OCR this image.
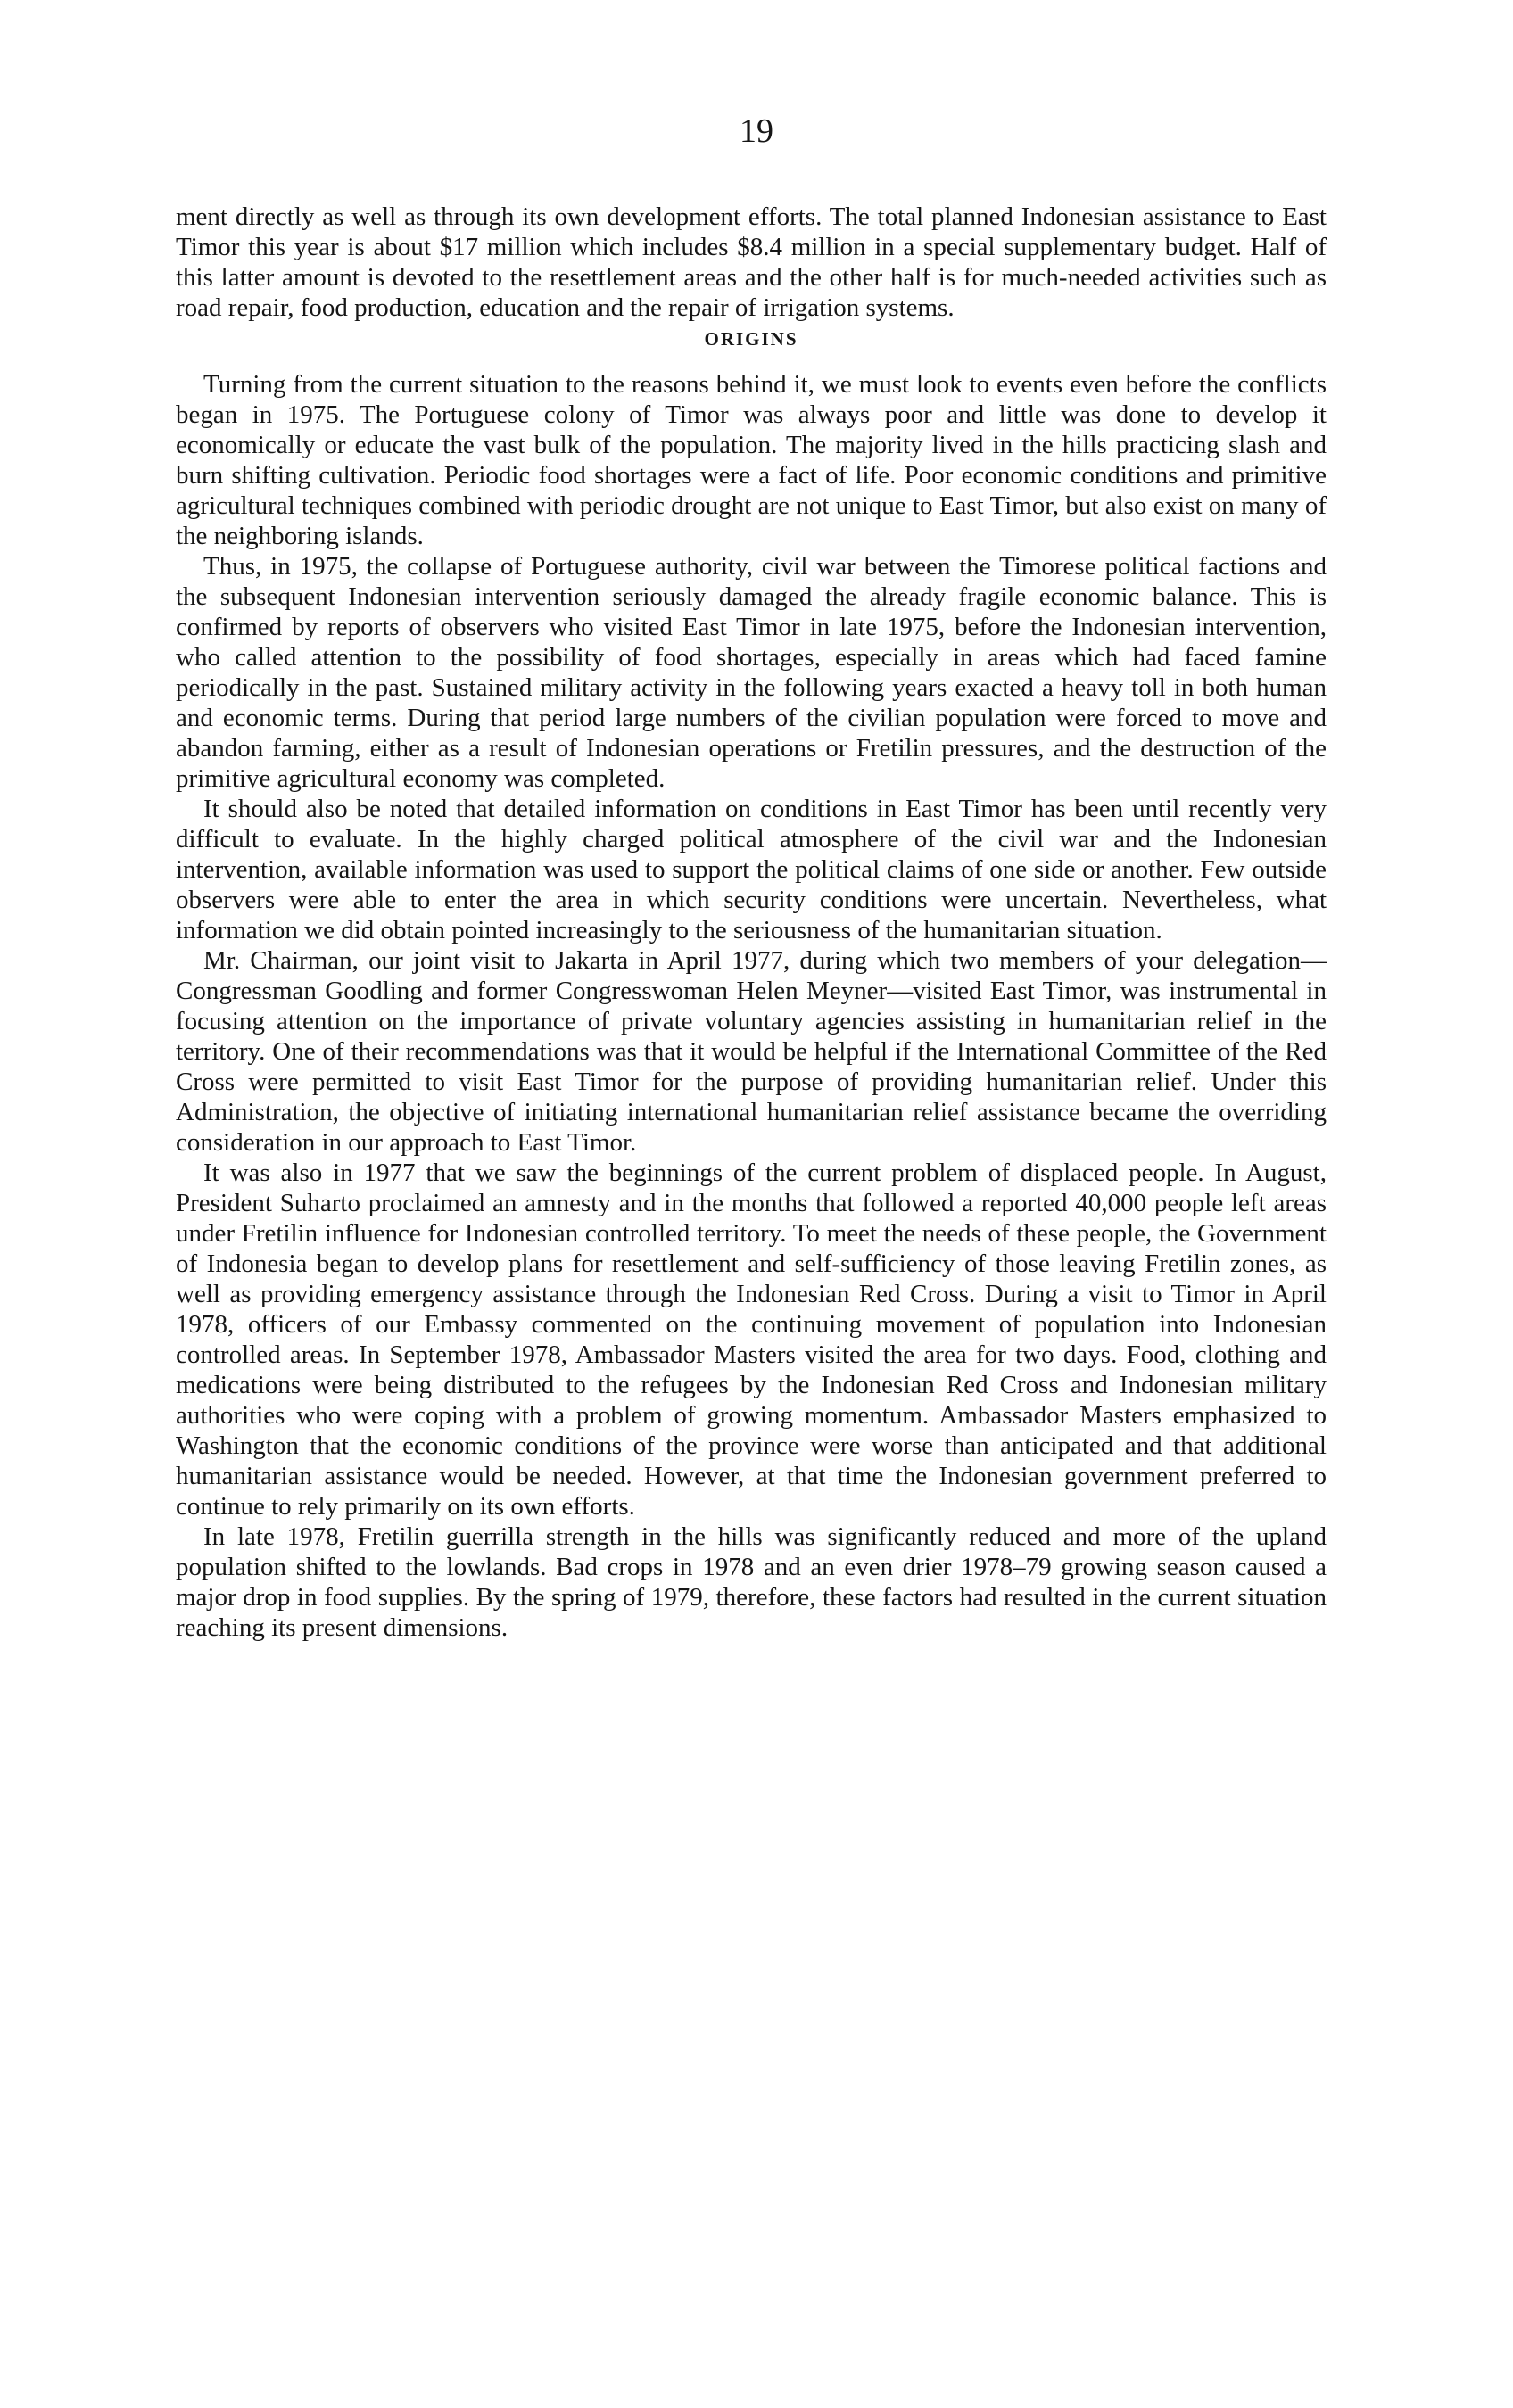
19

ment directly as well as through its own development efforts. The total planned Indonesian assistance to East Timor this year is about $17 million which includes $8.4 million in a special supplementary budget. Half of this latter amount is devoted to the resettlement areas and the other half is for much-needed activities such as road repair, food production, education and the repair of irrigation systems.

ORIGINS

Turning from the current situation to the reasons behind it, we must look to events even before the conflicts began in 1975. The Portuguese colony of Timor was always poor and little was done to develop it economically or educate the vast bulk of the population. The majority lived in the hills practicing slash and burn shifting cultivation. Periodic food shortages were a fact of life. Poor economic conditions and primitive agricultural techniques combined with periodic drought are not unique to East Timor, but also exist on many of the neighboring islands.

Thus, in 1975, the collapse of Portuguese authority, civil war between the Timorese political factions and the subsequent Indonesian intervention seriously damaged the already fragile economic balance. This is confirmed by reports of observers who visited East Timor in late 1975, before the Indonesian intervention, who called attention to the possibility of food shortages, especially in areas which had faced famine periodically in the past. Sustained military activity in the following years exacted a heavy toll in both human and economic terms. During that period large numbers of the civilian population were forced to move and abandon farming, either as a result of Indonesian operations or Fretilin pressures, and the destruction of the primitive agricultural economy was completed.

It should also be noted that detailed information on conditions in East Timor has been until recently very difficult to evaluate. In the highly charged political atmosphere of the civil war and the Indonesian intervention, available information was used to support the political claims of one side or another. Few outside observers were able to enter the area in which security conditions were uncertain. Nevertheless, what information we did obtain pointed increasingly to the seriousness of the humanitarian situation.

Mr. Chairman, our joint visit to Jakarta in April 1977, during which two members of your delegation—Congressman Goodling and former Congresswoman Helen Meyner—visited East Timor, was instrumental in focusing attention on the importance of private voluntary agencies assisting in humanitarian relief in the territory. One of their recommendations was that it would be helpful if the International Committee of the Red Cross were permitted to visit East Timor for the purpose of providing humanitarian relief. Under this Administration, the objective of initiating international humanitarian relief assistance became the overriding consideration in our approach to East Timor.

It was also in 1977 that we saw the beginnings of the current problem of displaced people. In August, President Suharto proclaimed an amnesty and in the months that followed a reported 40,000 people left areas under Fretilin influence for Indonesian controlled territory. To meet the needs of these people, the Government of Indonesia began to develop plans for resettlement and self-sufficiency of those leaving Fretilin zones, as well as providing emergency assistance through the Indonesian Red Cross. During a visit to Timor in April 1978, officers of our Embassy commented on the continuing movement of population into Indonesian controlled areas. In September 1978, Ambassador Masters visited the area for two days. Food, clothing and medications were being distributed to the refugees by the Indonesian Red Cross and Indonesian military authorities who were coping with a problem of growing momentum. Ambassador Masters emphasized to Washington that the economic conditions of the province were worse than anticipated and that additional humanitarian assistance would be needed. However, at that time the Indonesian government preferred to continue to rely primarily on its own efforts.

In late 1978, Fretilin guerrilla strength in the hills was significantly reduced and more of the upland population shifted to the lowlands. Bad crops in 1978 and an even drier 1978–79 growing season caused a major drop in food supplies. By the spring of 1979, therefore, these factors had resulted in the current situation reaching its present dimensions.
